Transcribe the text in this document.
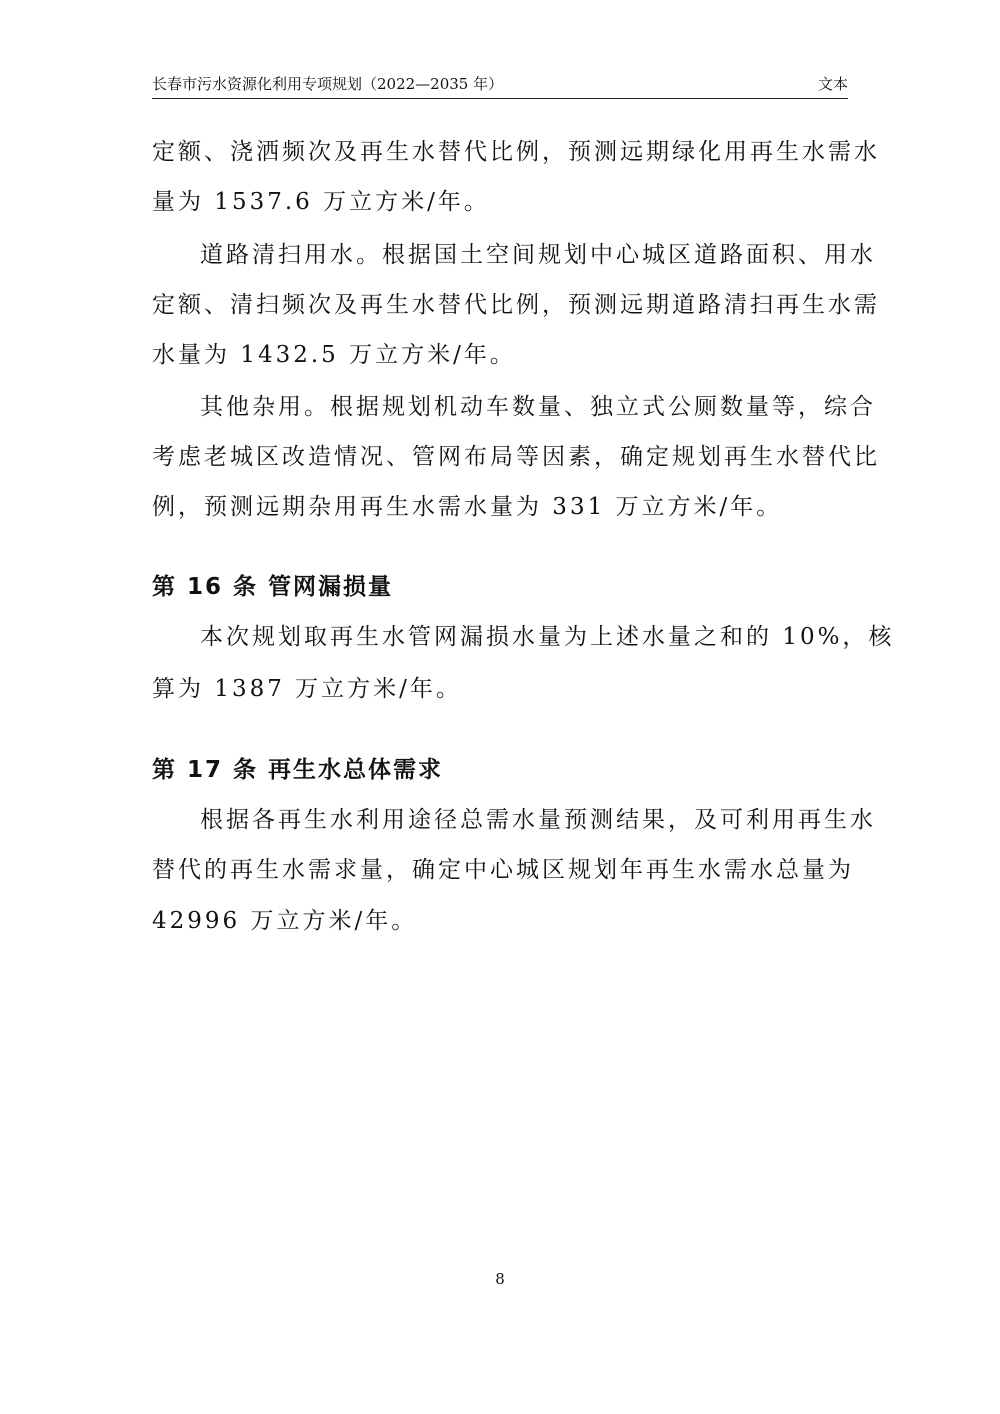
长春市污水资源化利用专项规划（2022—2035 年）	文本
定额、浇洒频次及再生水替代比例，预测远期绿化用再生水需水
量为 1537.6 万立方米/年。
道路清扫用水。根据国土空间规划中心城区道路面积、用水
定额、清扫频次及再生水替代比例，预测远期道路清扫再生水需
水量为 1432.5 万立方米/年。
其他杂用。根据规划机动车数量、独立式公厕数量等，综合
考虑老城区改造情况、管网布局等因素，确定规划再生水替代比
例，预测远期杂用再生水需水量为 331 万立方米/年。
第 16 条 管网漏损量
本次规划取再生水管网漏损水量为上述水量之和的 10%，核
算为 1387 万立方米/年。
第 17 条 再生水总体需求
根据各再生水利用途径总需水量预测结果，及可利用再生水
替代的再生水需求量，确定中心城区规划年再生水需水总量为
42996 万立方米/年。
8
